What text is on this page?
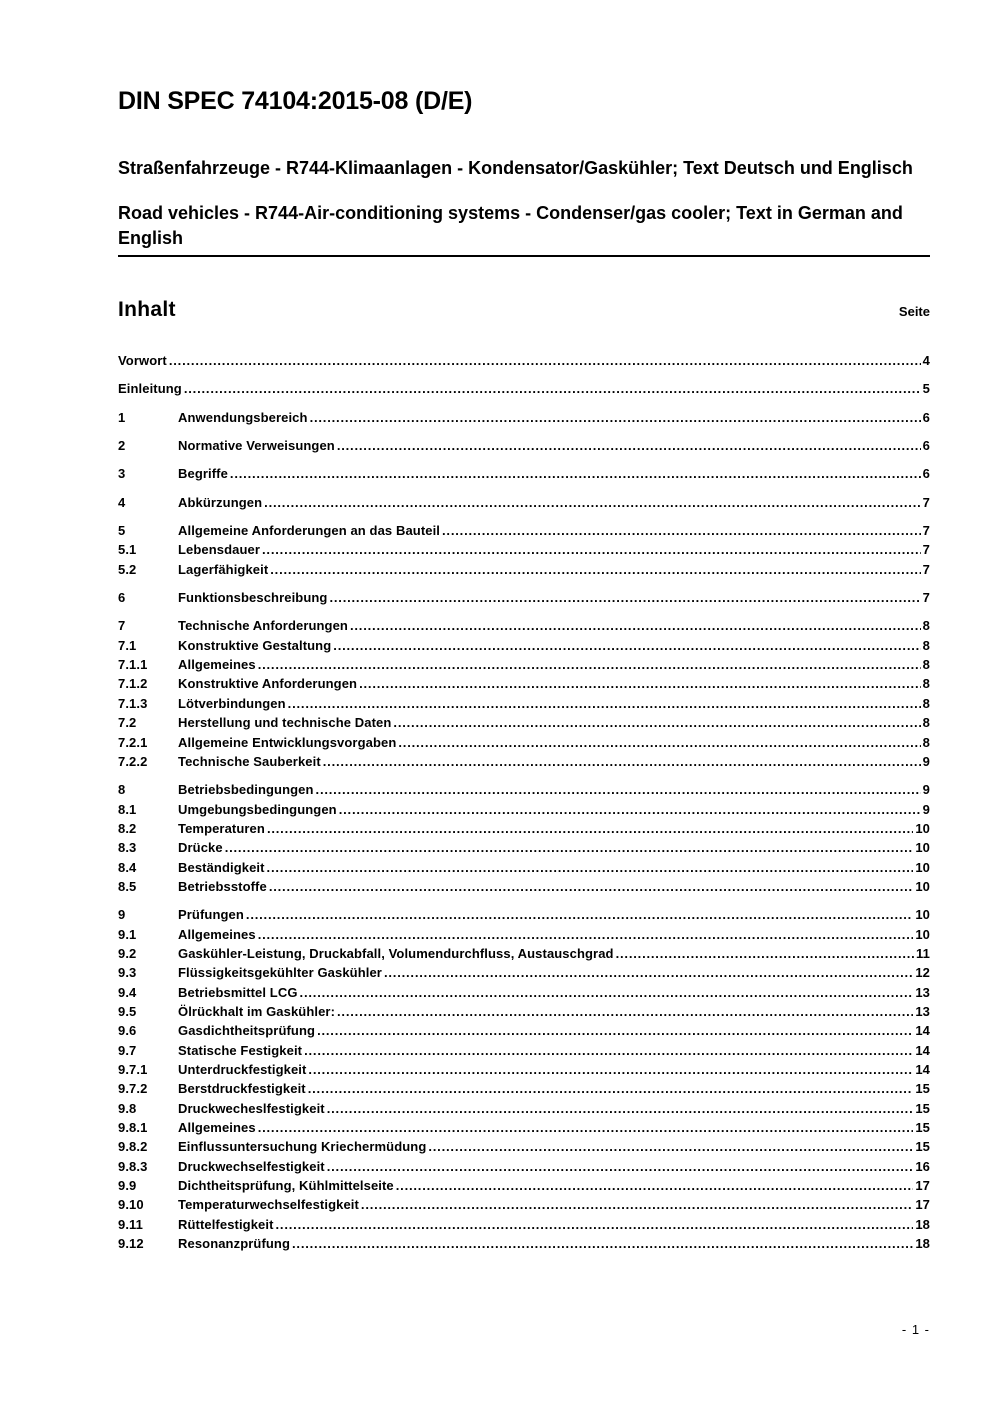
DIN SPEC 74104:2015-08 (D/E)
Straßenfahrzeuge - R744-Klimaanlagen - Kondensator/Gaskühler; Text Deutsch und Englisch
Road vehicles - R744-Air-conditioning systems - Condenser/gas cooler; Text in German and English
Inhalt	Seite
Vorwort .....	4
Einleitung .....	5
1	Anwendungsbereich .....	6
2	Normative Verweisungen .....	6
3	Begriffe .....	6
4	Abkürzungen .....	7
5	Allgemeine Anforderungen an das Bauteil .....	7
5.1	Lebensdauer .....	7
5.2	Lagerfähigkeit .....	7
6	Funktionsbeschreibung .....	7
7	Technische Anforderungen .....	8
7.1	Konstruktive Gestaltung .....	8
7.1.1	Allgemeines .....	8
7.1.2	Konstruktive Anforderungen .....	8
7.1.3	Lötverbindungen .....	8
7.2	Herstellung und technische Daten .....	8
7.2.1	Allgemeine Entwicklungsvorgaben .....	8
7.2.2	Technische Sauberkeit .....	9
8	Betriebsbedingungen .....	9
8.1	Umgebungsbedingungen .....	9
8.2	Temperaturen .....	10
8.3	Drücke .....	10
8.4	Beständigkeit .....	10
8.5	Betriebsstoffe .....	10
9	Prüfungen .....	10
9.1	Allgemeines .....	10
9.2	Gaskühler-Leistung, Druckabfall, Volumendurchfluss, Austauschgrad .....	11
9.3	Flüssigkeitsgekühlter Gaskühler .....	12
9.4	Betriebsmittel LCG .....	13
9.5	Ölrückhalt im Gaskühler: .....	13
9.6	Gasdichtheitsprüfung .....	14
9.7	Statische Festigkeit .....	14
9.7.1	Unterdruckfestigkeit .....	14
9.7.2	Berstdruckfestigkeit .....	15
9.8	Druckwecheslfestigkeit .....	15
9.8.1	Allgemeines .....	15
9.8.2	Einflussuntersuchung Kriechermüdung .....	15
9.8.3	Druckwechselfestigkeit .....	16
9.9	Dichtheitsprüfung, Kühlmittelseite .....	17
9.10	Temperaturwechselfestigkeit .....	17
9.11	Rüttelfestigkeit .....	18
9.12	Resonanzprüfung .....	18
- 1 -
